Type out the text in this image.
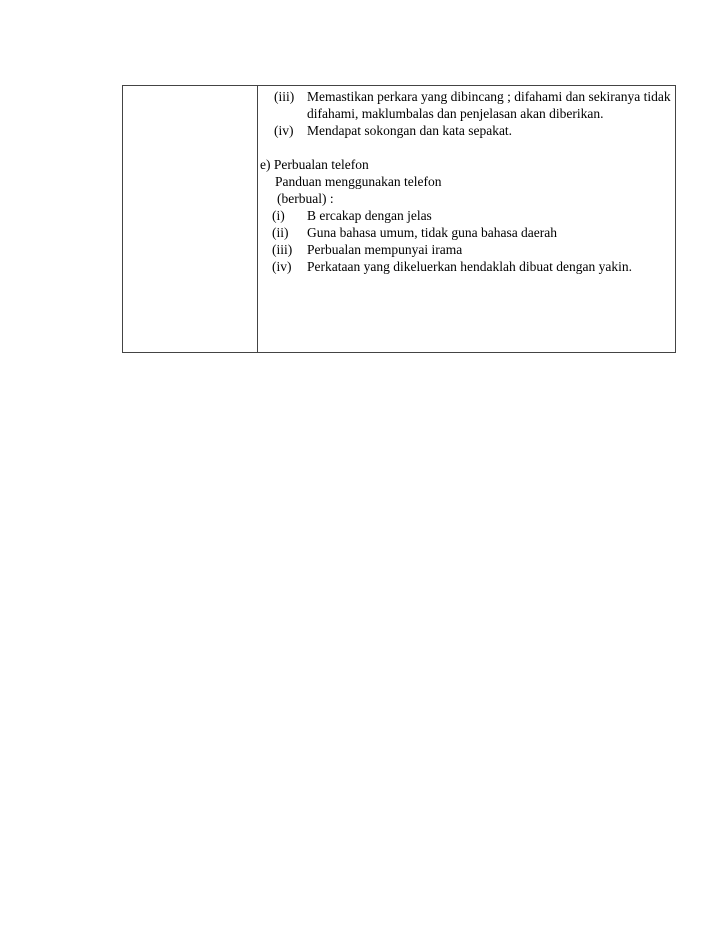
(iii) Memastikan perkara yang dibincang ; difahami dan sekiranya tidak difahami, maklumbalas dan penjelasan akan diberikan.
(iv)	Mendapat sokongan dan kata sepakat.
e) Perbualan telefon
Panduan menggunakan telefon
(berbual) :
(i)	B ercakap dengan jelas
(ii)	Guna bahasa umum, tidak guna bahasa daerah
(iii)	Perbualan mempunyai irama
(iv)	Perkataan yang dikeluerkan hendaklah dibuat dengan yakin.
